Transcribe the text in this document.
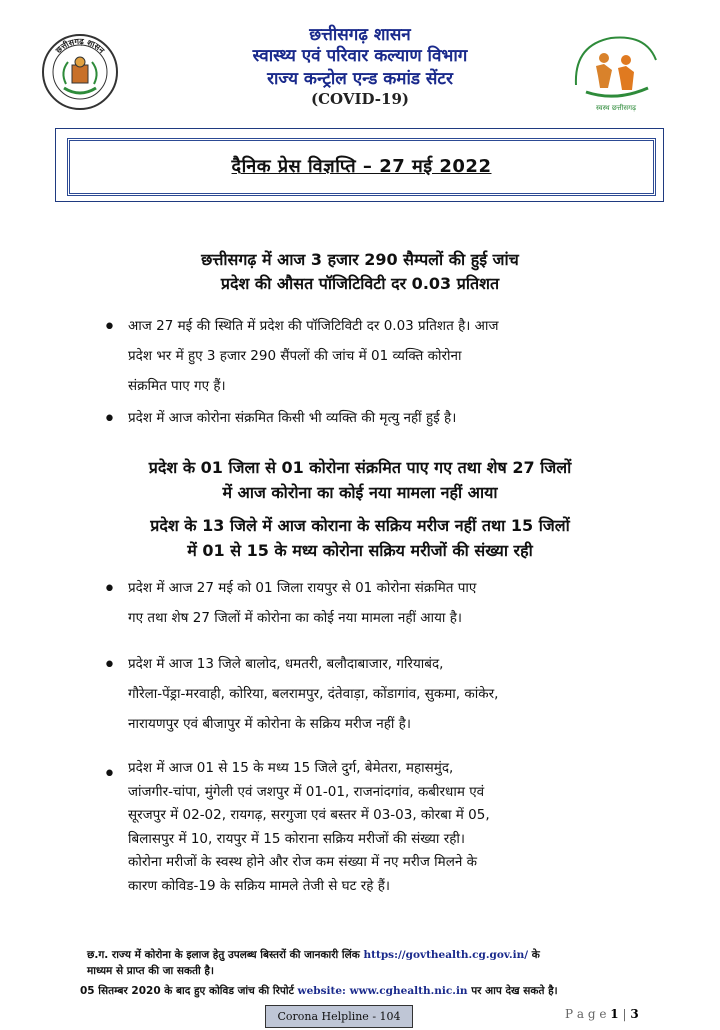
छत्तीसगढ़ शासन
स्वास्थ्य एवं परिवार कल्याण विभाग
राज्य कन्ट्रोल एन्ड कमांड सेंटर
(COVID-19)
छत्तीसगढ़ शासन
स्वस्थ छत्तीसगढ़
दैनिक प्रेस विज्ञप्ति – 27 मई 2022
छत्तीसगढ़ में आज 3 हजार 290 सैम्पलों की हुई जांच
प्रदेश की औसत पॉजिटिविटी दर 0.03 प्रतिशत
• आज 27 मई की स्थिति में प्रदेश की पॉजिटिविटी दर 0.03 प्रतिशत है। आज
प्रदेश भर में हुए 3 हजार 290 सैंपलों की जांच में 01 व्यक्ति कोरोना
संक्रमित पाए गए हैं।
• प्रदेश में आज कोरोना संक्रमित किसी भी व्यक्ति की मृत्यु नहीं हुई है।
प्रदेश के 01 जिला से 01 कोरोना संक्रमित पाए गए तथा शेष 27 जिलों
में आज कोरोना का कोई नया मामला नहीं आया
प्रदेश के 13 जिले में आज कोराना के सक्रिय मरीज नहीं तथा 15 जिलों
में 01 से 15 के मध्य कोरोना सक्रिय मरीजों की संख्या रही
• प्रदेश में आज 27 मई को 01 जिला रायपुर से 01 कोरोना संक्रमित पाए
गए तथा शेष 27 जिलों में कोरोना का कोई नया मामला नहीं आया है।
• प्रदेश में आज 13 जिले बालोद, धमतरी, बलौदाबाजार, गरियाबंद,
गौरेला-पेंड्रा-मरवाही, कोरिया, बलरामपुर, दंतेवाड़ा, कोंडागांव, सुकमा, कांकेर,
नारायणपुर एवं बीजापुर में कोरोना के सक्रिय मरीज नहीं है।
• प्रदेश में आज 01 से 15 के मध्य 15 जिले दुर्ग, बेमेतरा, महासमुंद,
जांजगीर-चांपा, मुंगेली एवं जशपुर में 01-01, राजनांदगांव, कबीरधाम एवं
सूरजपुर में 02-02, रायगढ़, सरगुजा एवं बस्तर में 03-03, कोरबा में 05,
बिलासपुर में 10, रायपुर में 15 कोराना सक्रिय मरीजों की संख्या रही।
कोरोना मरीजों के स्वस्थ होने और रोज कम संख्या में नए मरीज मिलने के
कारण कोविड-19 के सक्रिय मामले तेजी से घट रहे हैं।
छ.ग. राज्य में कोरोना के इलाज हेतु उपलब्ध बिस्तरों की जानकारी लिंक https://govthealth.cg.gov.in/ के
माध्यम से प्राप्त की जा सकती है।
05 सितम्बर 2020 के बाद हुए कोविड जांच की रिपोर्ट website: www.cghealth.nic.in पर आप देख सकते है।
Corona Helpline - 104	P a g e 1 | 3
